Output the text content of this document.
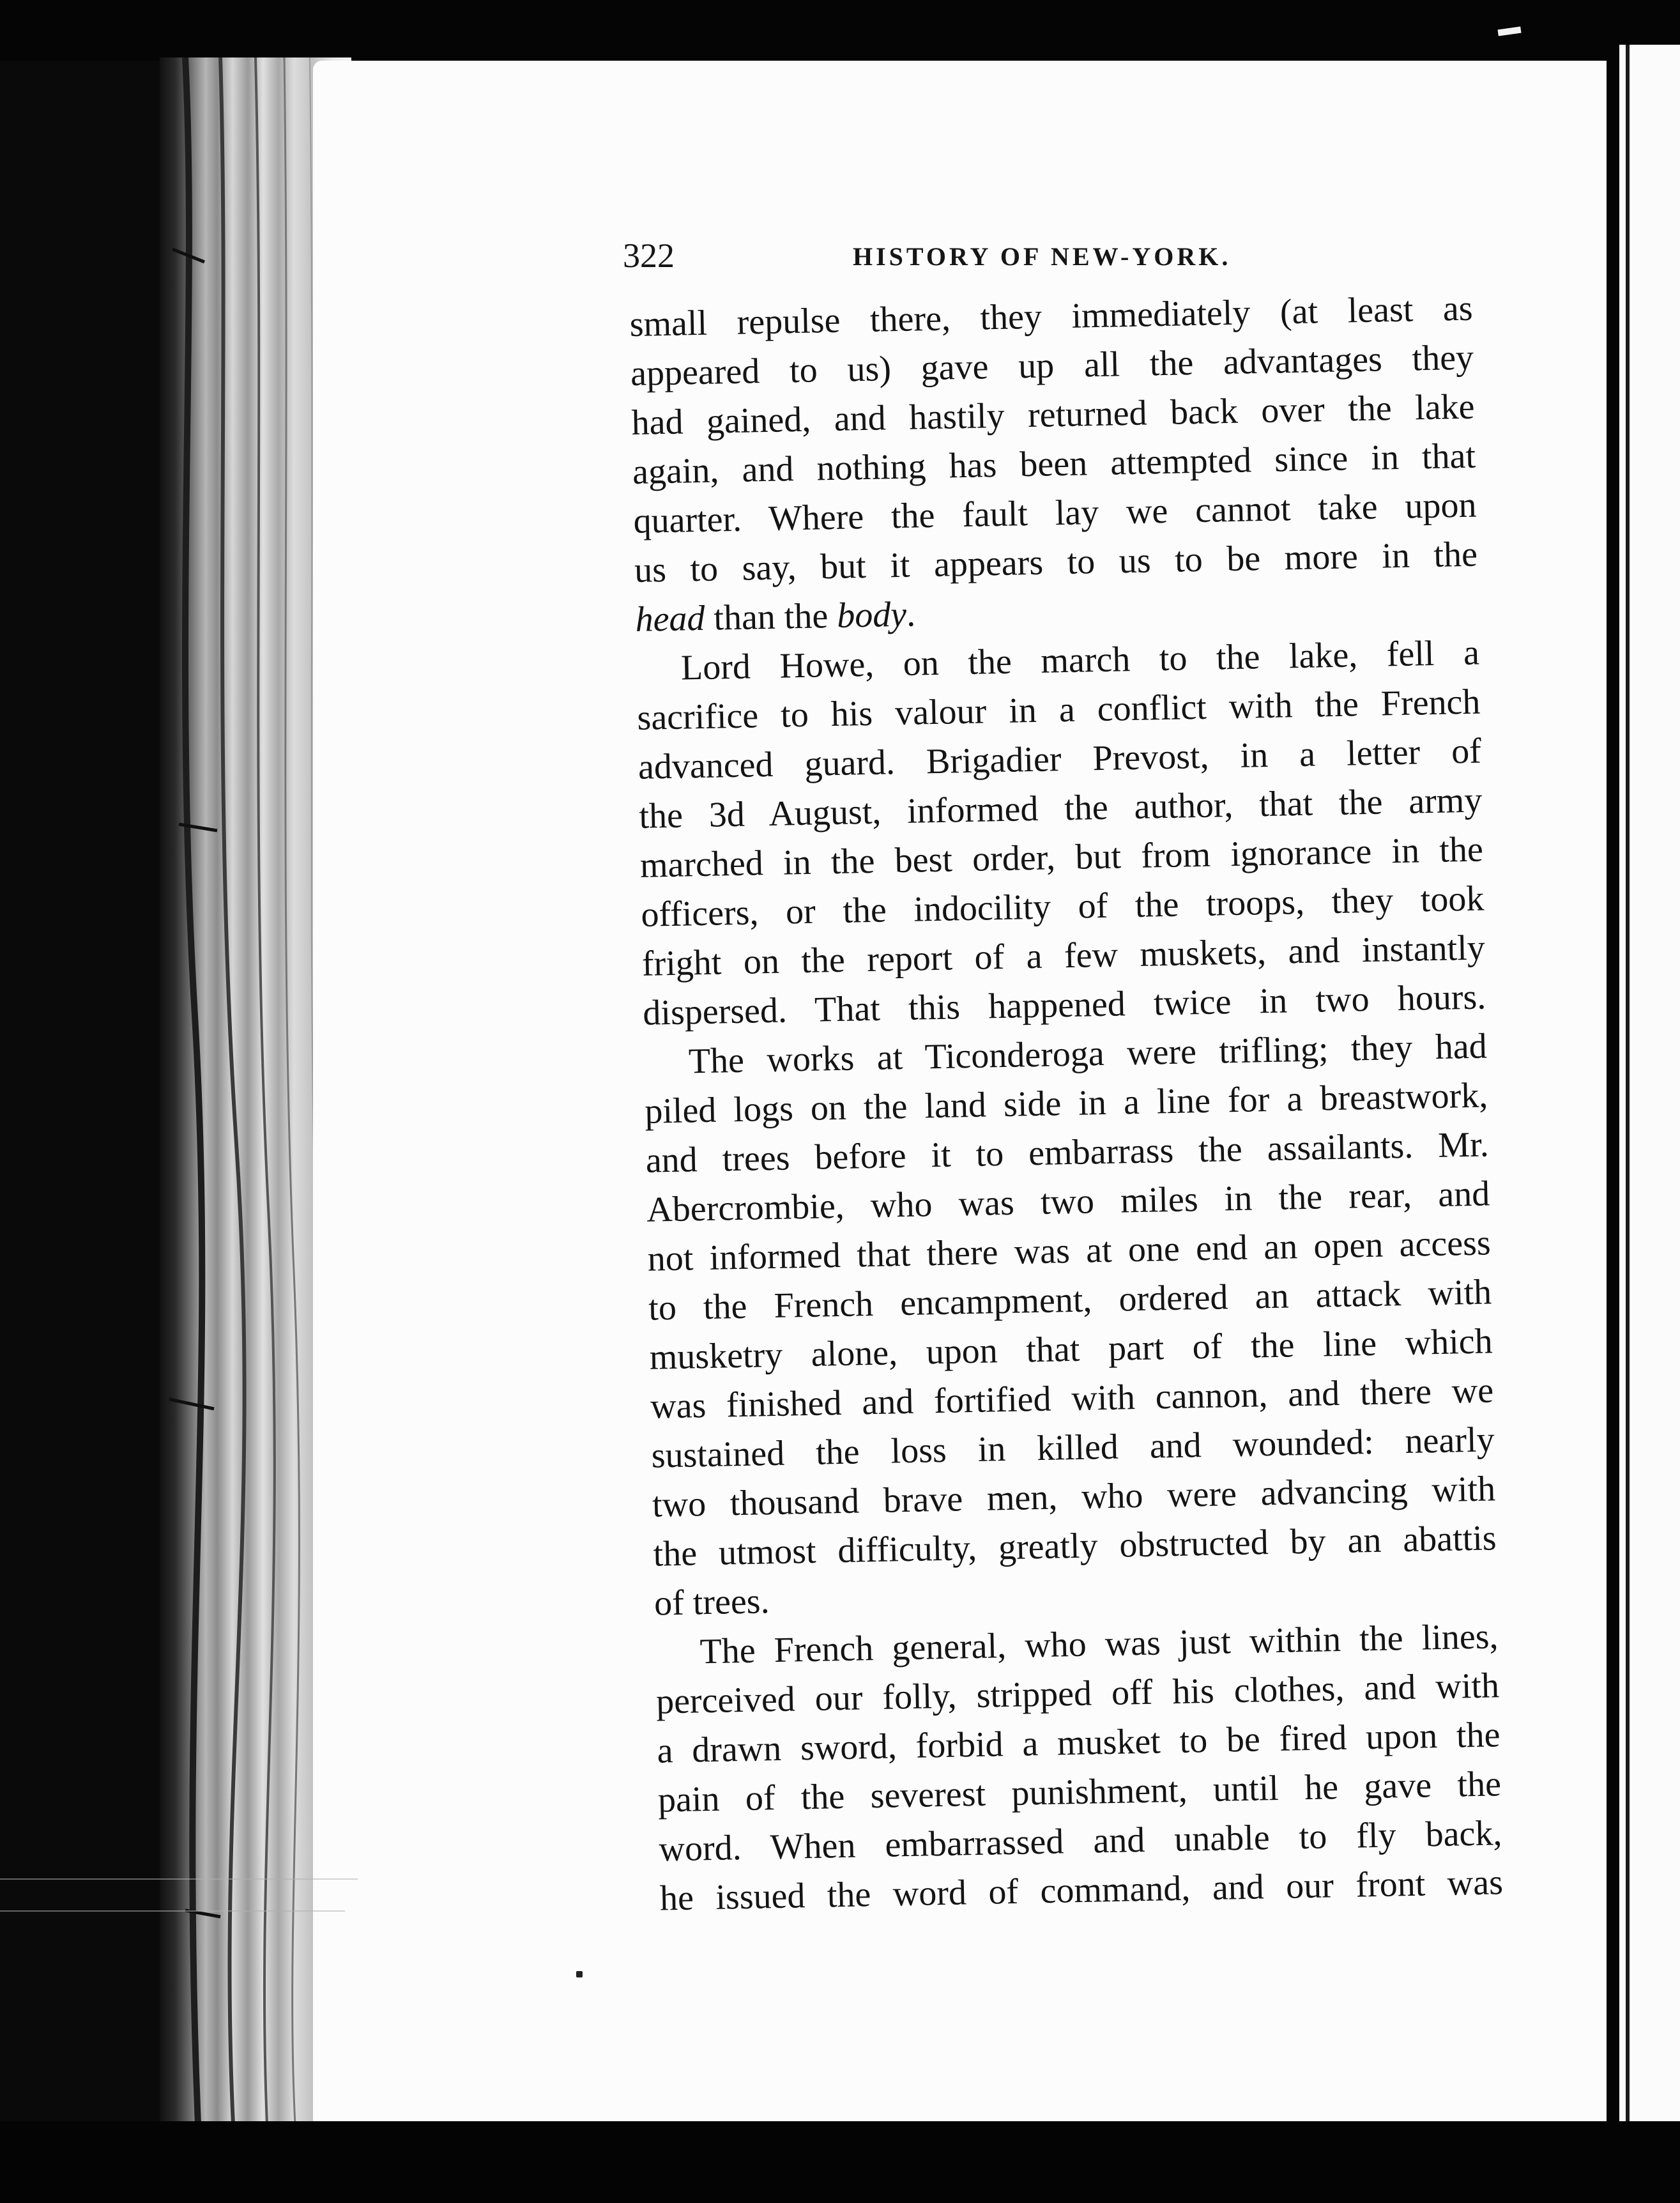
322	HISTORY OF NEW-YORK.
small repulse there, they immediately (at least as
appeared to us) gave up all the advantages they
had gained, and hastily returned back over the lake
again, and nothing has been attempted since in that
quarter. Where the fault lay we cannot take upon
us to say, but it appears to us to be more in the
head than the body.
Lord Howe, on the march to the lake, fell a
sacrifice to his valour in a conflict with the French
advanced guard. Brigadier Prevost, in a letter of
the 3d August, informed the author, that the army
marched in the best order, but from ignorance in the
officers, or the indocility of the troops, they took
fright on the report of a few muskets, and instantly
dispersed. That this happened twice in two hours.
The works at Ticonderoga were trifling; they had
piled logs on the land side in a line for a breastwork,
and trees before it to embarrass the assailants. Mr.
Abercrombie, who was two miles in the rear, and
not informed that there was at one end an open access
to the French encampment, ordered an attack with
musketry alone, upon that part of the line which
was finished and fortified with cannon, and there we
sustained the loss in killed and wounded: nearly
two thousand brave men, who were advancing with
the utmost difficulty, greatly obstructed by an abattis
of trees.
The French general, who was just within the lines,
perceived our folly, stripped off his clothes, and with
a drawn sword, forbid a musket to be fired upon the
pain of the severest punishment, until he gave the
word. When embarrassed and unable to fly back,
he issued the word of command, and our front was
